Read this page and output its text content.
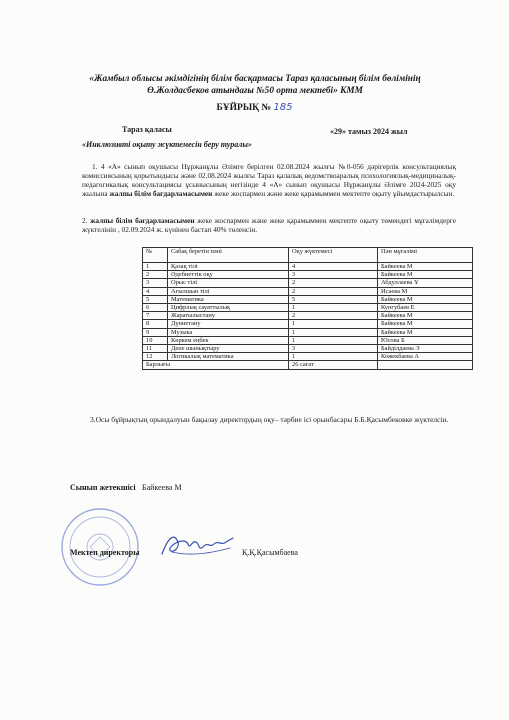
«Жамбыл облысы әкімдігінің білім басқармасы Тараз қаласының білім бөлімінің
Ө.Жолдасбеков атындағы №50 орта мектебі» КММ
БҰЙРЫҚ № 185
Тараз қаласы	«29» тамыз 2024 жыл
«Инклюзивті оқыту жүктемесін беру туралы»
1. 4 «А» сынып оқушысы Нұржанұлы Әлімге берілген 02.08.2024 жылғы №0-056 дәрігерлік консультациялық комиссиясының қорытындысы және 02.08.2024 жылғы Тараз қалалық ведомствоаралық психологиялық-медициналық-педагогикалық консультациясы ұсынысының негізінде 4 «А» сынып оқушысы Нұржанұлы Әлімге 2024-2025 оқу жылына жалпы білім бағдарламасымен жеке жоспармен және жеке қарамыммен мектепте оқыту ұйымдастырылсын.
2. жалпы білім бағдарламасымен жеке жоспармен және жеке қарамыммен мектепте оқыту төмендегі мұғалімдерге жүктелінін , 02.09.2024 ж. күнінен бастап 40% төленсін.
№	Сабақ беретін пәні	Оқу жүктемесі	Пән мұғалімі
1	Қазақ тілі	4	Байкеева М
2	Әдебиеттік оқу	3	Байкеева М
3	Орыс тілі	2	Абдуллаева Ұ
4	Ағылшын тілі	2	Исаева М
5	Математика	5	Байкеева М
6	Цифрлық сауаттылық	1	Кунгубаев Е
7	Жаратылыстану	2	Байкеева М
8	Дүниетану	1	Байкеева М
9	Музыка	1	Байкеева М
10	Көркем еңбек	1	Юсова Б
11	Дене шынықтыру	3	Байділдаева Э
12	Логикалық математика	1	Кожекбаева А
Барлығы		26 сағат	
3.Осы бұйрықтың орындалуын бақылау директордың оқу– тәрбие ісі орынбасары Б.Б.Қасымбековке жүктелсін.
Сынып жетекшісі Байкеева М
Мектеп директоры	Қ.Қ.Қасымбаева
